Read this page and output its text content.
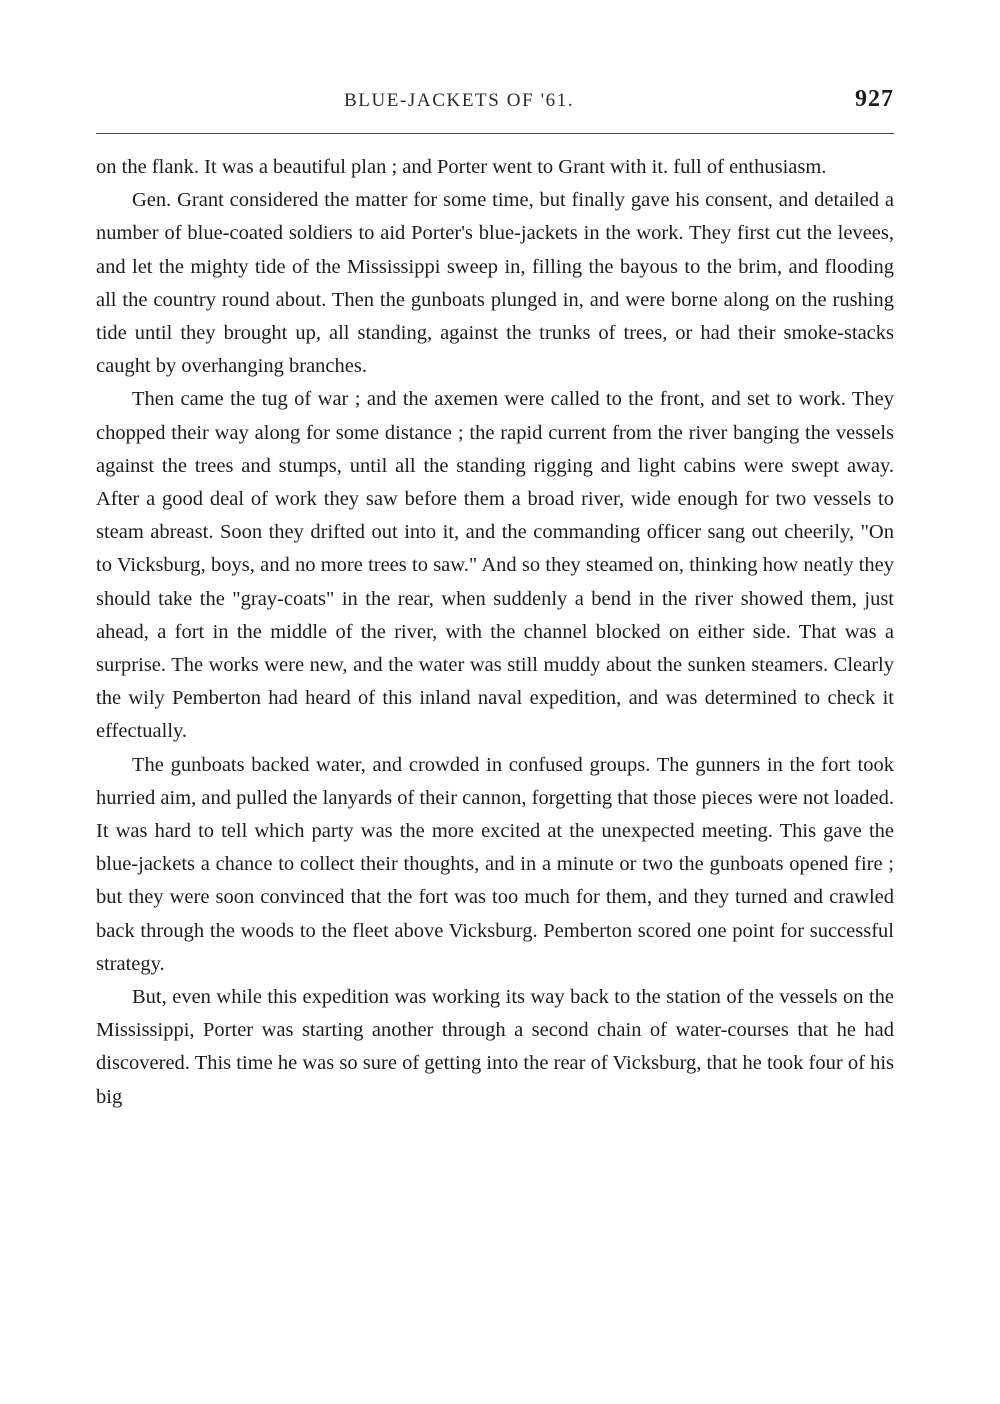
BLUE-JACKETS OF '61.	927

on the flank. It was a beautiful plan ; and Porter went to Grant with it. full of enthusiasm.

Gen. Grant considered the matter for some time, but finally gave his consent, and detailed a number of blue-coated soldiers to aid Porter's blue-jackets in the work. They first cut the levees, and let the mighty tide of the Mississippi sweep in, filling the bayous to the brim, and flooding all the country round about. Then the gunboats plunged in, and were borne along on the rushing tide until they brought up, all standing, against the trunks of trees, or had their smoke-stacks caught by overhanging branches.

Then came the tug of war ; and the axemen were called to the front, and set to work. They chopped their way along for some distance ; the rapid current from the river banging the vessels against the trees and stumps, until all the standing rigging and light cabins were swept away. After a good deal of work they saw before them a broad river, wide enough for two vessels to steam abreast. Soon they drifted out into it, and the commanding officer sang out cheerily, "On to Vicksburg, boys, and no more trees to saw." And so they steamed on, thinking how neatly they should take the "gray-coats" in the rear, when suddenly a bend in the river showed them, just ahead, a fort in the middle of the river, with the channel blocked on either side. That was a surprise. The works were new, and the water was still muddy about the sunken steamers. Clearly the wily Pemberton had heard of this inland naval expedition, and was determined to check it effectually.

The gunboats backed water, and crowded in confused groups. The gunners in the fort took hurried aim, and pulled the lanyards of their cannon, forgetting that those pieces were not loaded. It was hard to tell which party was the more excited at the unexpected meeting. This gave the blue-jackets a chance to collect their thoughts, and in a minute or two the gunboats opened fire ; but they were soon convinced that the fort was too much for them, and they turned and crawled back through the woods to the fleet above Vicksburg. Pemberton scored one point for successful strategy.

But, even while this expedition was working its way back to the station of the vessels on the Mississippi, Porter was starting another through a second chain of water-courses that he had discovered. This time he was so sure of getting into the rear of Vicksburg, that he took four of his big
